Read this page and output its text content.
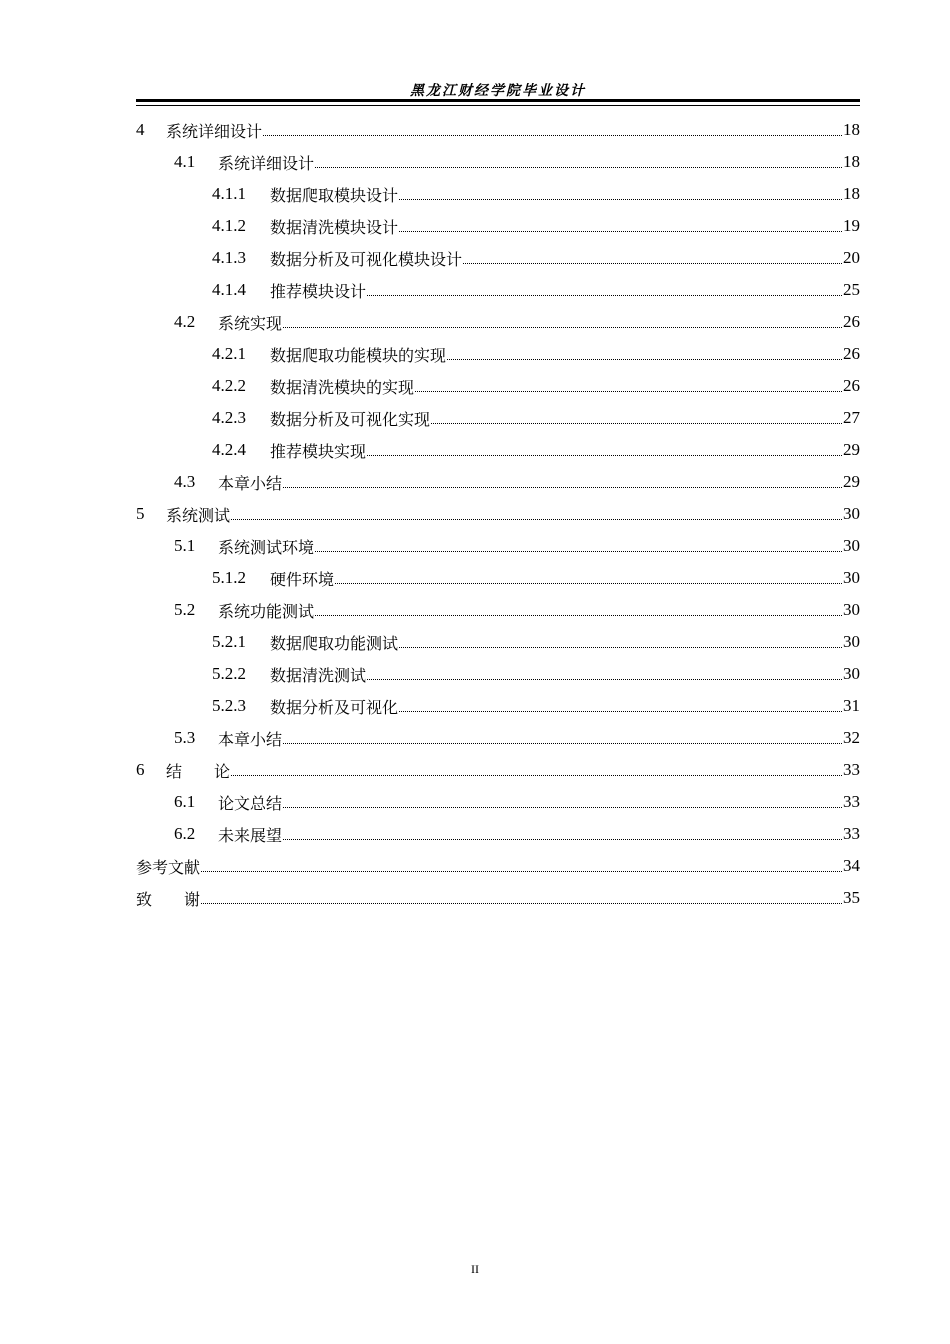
黑龙江财经学院毕业设计
4	系统详细设计	18
4.1	系统详细设计	18
4.1.1	数据爬取模块设计	18
4.1.2	数据清洗模块设计	19
4.1.3	数据分析及可视化模块设计	20
4.1.4	推荐模块设计	25
4.2	系统实现	26
4.2.1	数据爬取功能模块的实现	26
4.2.2	数据清洗模块的实现	26
4.2.3	数据分析及可视化实现	27
4.2.4	推荐模块实现	29
4.3	本章小结	29
5	系统测试	30
5.1	系统测试环境	30
5.1.2	硬件环境	30
5.2	系统功能测试	30
5.2.1	数据爬取功能测试	30
5.2.2	数据清洗测试	30
5.2.3	数据分析及可视化	31
5.3	本章小结	32
6	结　　论	33
6.1	论文总结	33
6.2	未来展望	33
参考文献	34
致　　谢	35
II
